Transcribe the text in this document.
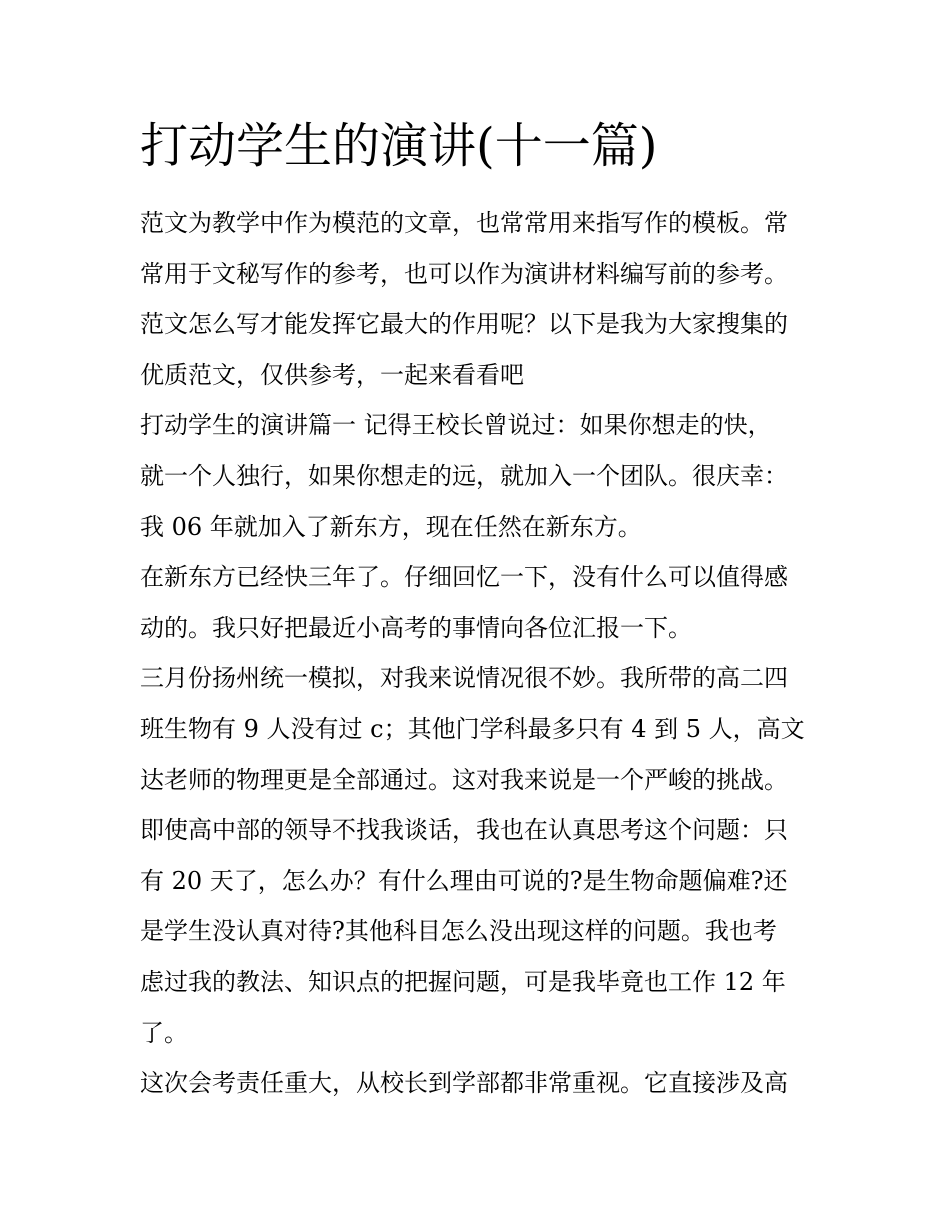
打动学生的演讲(十一篇)
范文为教学中作为模范的文章，也常常用来指写作的模板。常
常用于文秘写作的参考，也可以作为演讲材料编写前的参考。
范文怎么写才能发挥它最大的作用呢？以下是我为大家搜集的
优质范文，仅供参考，一起来看看吧
打动学生的演讲篇一 记得王校长曾说过：如果你想走的快，
就一个人独行，如果你想走的远，就加入一个团队。很庆幸：
我 06 年就加入了新东方，现在任然在新东方。
在新东方已经快三年了。仔细回忆一下，没有什么可以值得感
动的。我只好把最近小高考的事情向各位汇报一下。
三月份扬州统一模拟，对我来说情况很不妙。我所带的高二四
班生物有 9 人没有过 c；其他门学科最多只有 4 到 5 人，高文
达老师的物理更是全部通过。这对我来说是一个严峻的挑战。
即使高中部的领导不找我谈话，我也在认真思考这个问题：只
有 20 天了，怎么办？有什么理由可说的?是生物命题偏难?还
是学生没认真对待?其他科目怎么没出现这样的问题。我也考
虑过我的教法、知识点的把握问题，可是我毕竟也工作 12 年
了。
这次会考责任重大，从校长到学部都非常重视。它直接涉及高
